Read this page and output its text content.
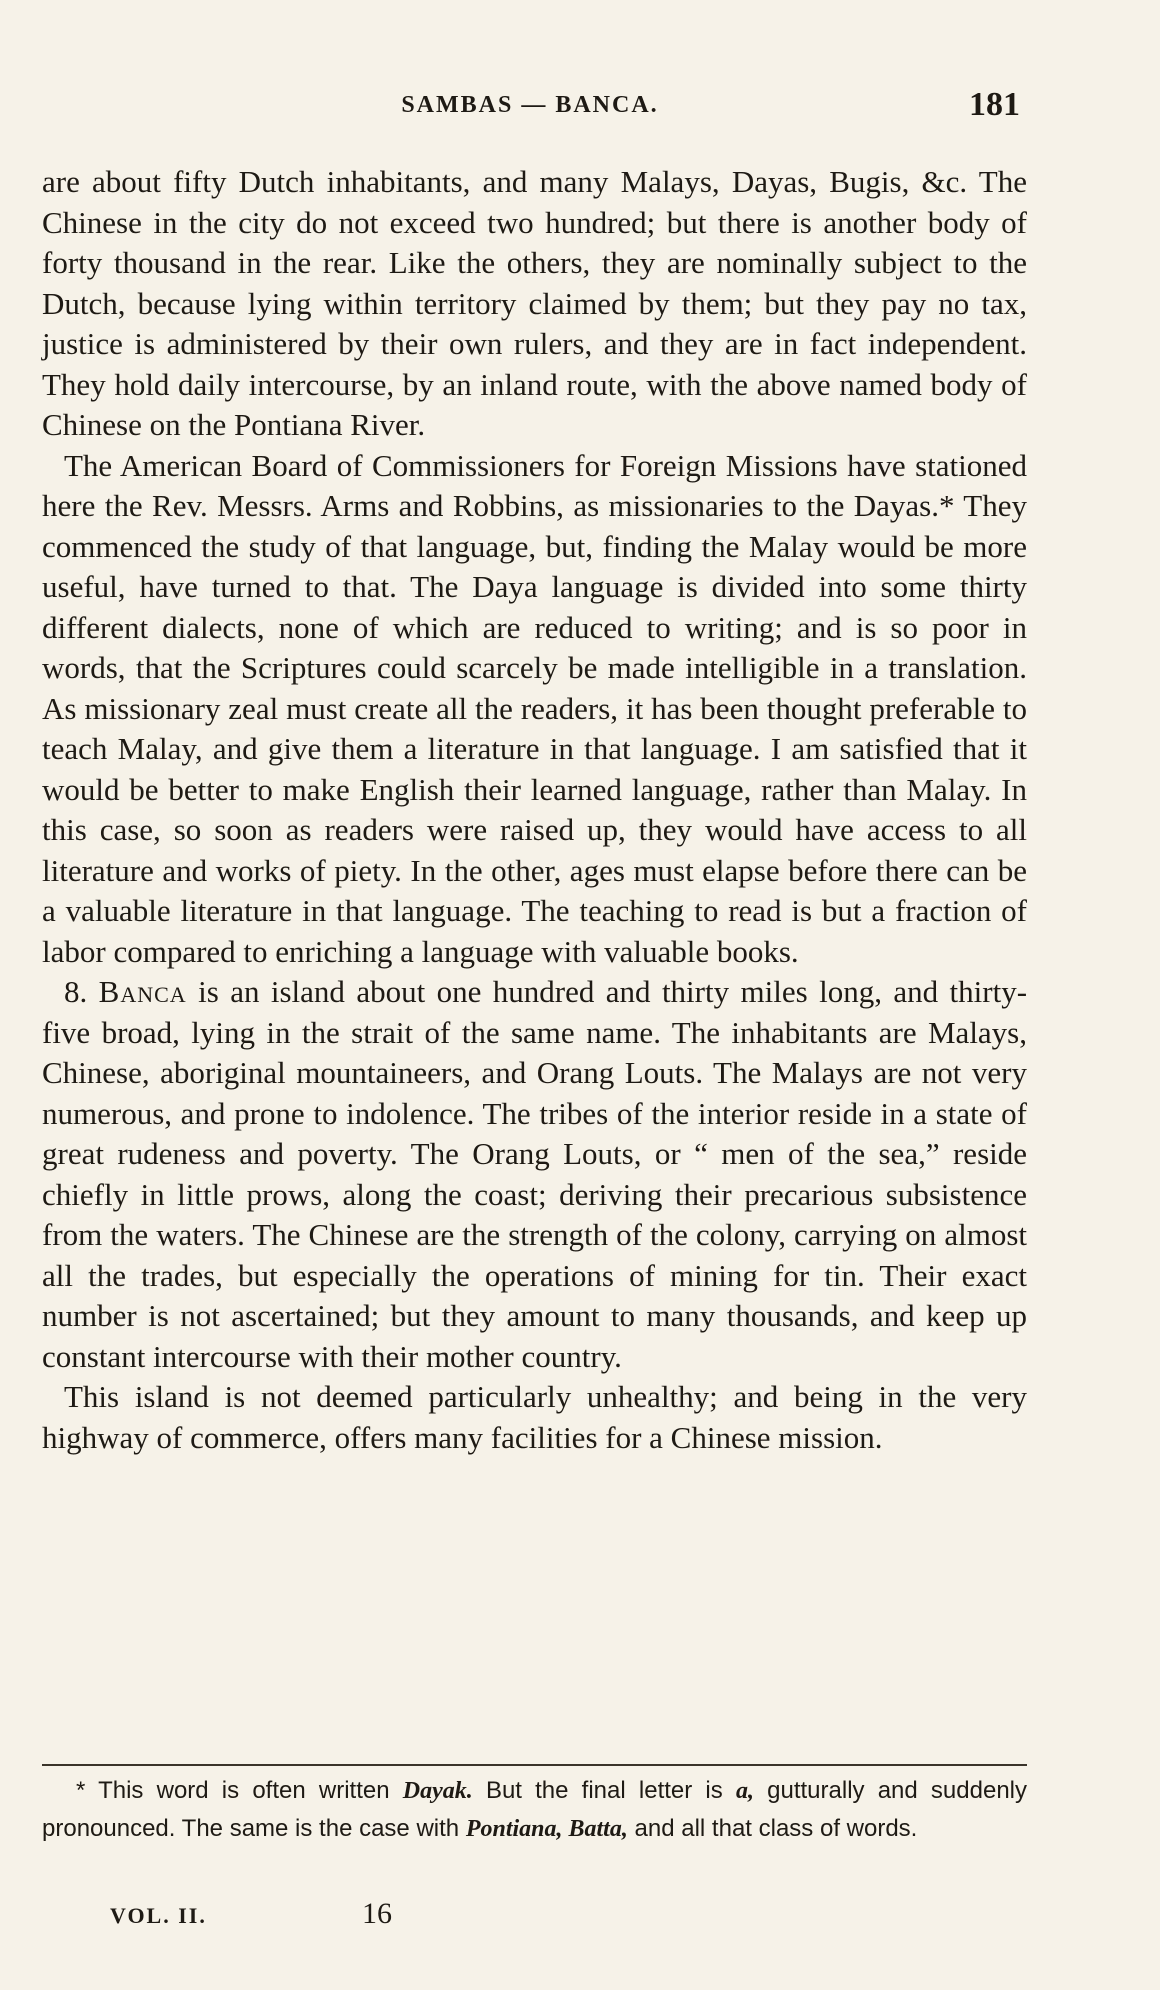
SAMBAS — BANCA.	181

are about fifty Dutch inhabitants, and many Malays, Dayas, Bugis, &c. The Chinese in the city do not exceed two hundred; but there is another body of forty thousand in the rear. Like the others, they are nominally subject to the Dutch, because lying within territory claimed by them; but they pay no tax, justice is administered by their own rulers, and they are in fact independent. They hold daily intercourse, by an inland route, with the above named body of Chinese on the Pontiana River.

The American Board of Commissioners for Foreign Missions have stationed here the Rev. Messrs. Arms and Robbins, as missionaries to the Dayas.* They commenced the study of that language, but, finding the Malay would be more useful, have turned to that. The Daya language is divided into some thirty different dialects, none of which are reduced to writing; and is so poor in words, that the Scriptures could scarcely be made intelligible in a translation. As missionary zeal must create all the readers, it has been thought preferable to teach Malay, and give them a literature in that language. I am satisfied that it would be better to make English their learned language, rather than Malay. In this case, so soon as readers were raised up, they would have access to all literature and works of piety. In the other, ages must elapse before there can be a valuable literature in that language. The teaching to read is but a fraction of labor compared to enriching a language with valuable books.

8. Banca is an island about one hundred and thirty miles long, and thirty-five broad, lying in the strait of the same name. The inhabitants are Malays, Chinese, aboriginal mountaineers, and Orang Louts. The Malays are not very numerous, and prone to indolence. The tribes of the interior reside in a state of great rudeness and poverty. The Orang Louts, or “ men of the sea,” reside chiefly in little prows, along the coast; deriving their precarious subsistence from the waters. The Chinese are the strength of the colony, carrying on almost all the trades, but especially the operations of mining for tin. Their exact number is not ascertained; but they amount to many thousands, and keep up constant intercourse with their mother country.

This island is not deemed particularly unhealthy; and being in the very highway of commerce, offers many facilities for a Chinese mission.

* This word is often written Dayak. But the final letter is a, gutturally and suddenly pronounced. The same is the case with Pontiana, Batta, and all that class of words.
VOL. II.	16
